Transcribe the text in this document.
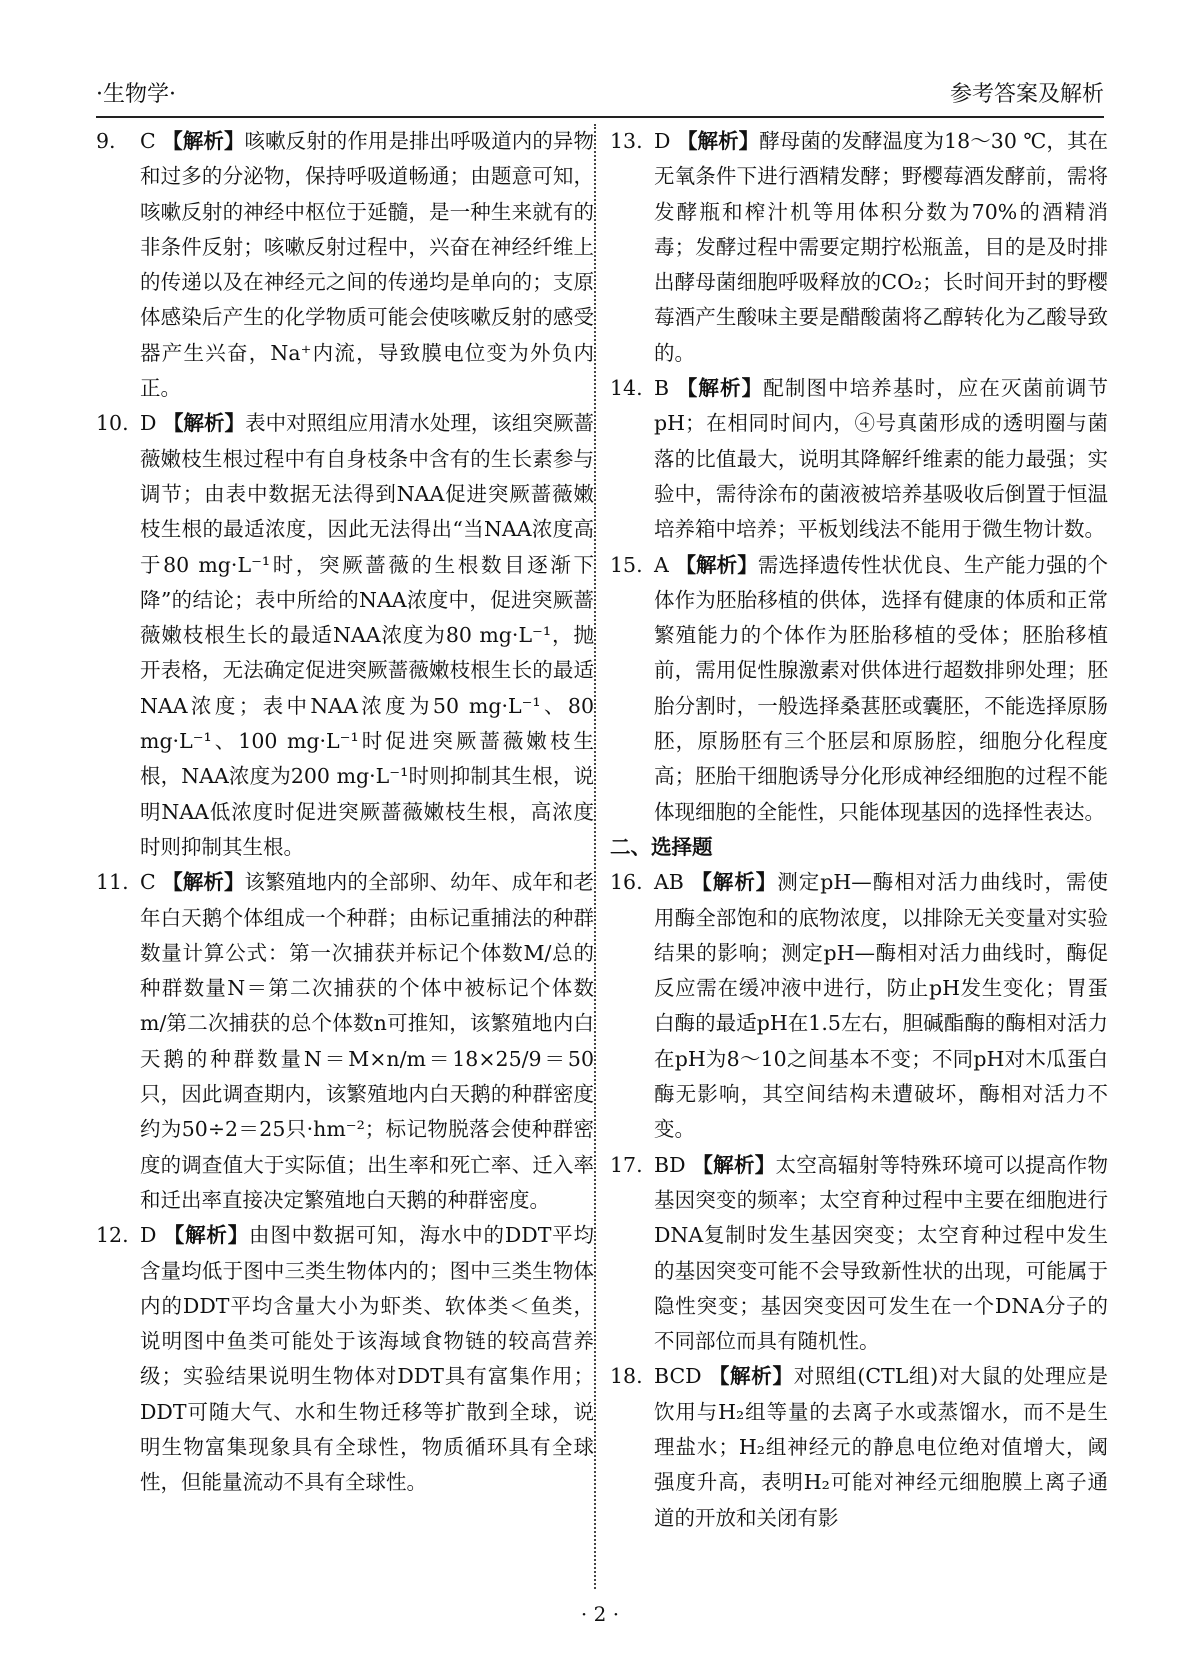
·生物学·	参考答案及解析
9.	C 【解析】咳嗽反射的作用是排出呼吸道内的异物和过多的分泌物，保持呼吸道畅通；由题意可知，咳嗽反射的神经中枢位于延髓，是一种生来就有的非条件反射；咳嗽反射过程中，兴奋在神经纤维上的传递以及在神经元之间的传递均是单向的；支原体感染后产生的化学物质可能会使咳嗽反射的感受器产生兴奋，Na⁺内流，导致膜电位变为外负内正。
10. D 【解析】表中对照组应用清水处理，该组突厥蔷薇嫩枝生根过程中有自身枝条中含有的生长素参与调节；由表中数据无法得到NAA促进突厥蔷薇嫩枝生根的最适浓度，因此无法得出“当NAA浓度高于80 mg·L⁻¹时，突厥蔷薇的生根数目逐渐下降”的结论；表中所给的NAA浓度中，促进突厥蔷薇嫩枝根生长的最适NAA浓度为80 mg·L⁻¹，抛开表格，无法确定促进突厥蔷薇嫩枝根生长的最适NAA浓度；表中NAA浓度为50 mg·L⁻¹、80 mg·L⁻¹、100 mg·L⁻¹时促进突厥蔷薇嫩枝生根，NAA浓度为200 mg·L⁻¹时则抑制其生根，说明NAA低浓度时促进突厥蔷薇嫩枝生根，高浓度时则抑制其生根。
11. C 【解析】该繁殖地内的全部卵、幼年、成年和老年白天鹅个体组成一个种群；由标记重捕法的种群数量计算公式：第一次捕获并标记个体数M/总的种群数量N＝第二次捕获的个体中被标记个体数m/第二次捕获的总个体数n可推知，该繁殖地内白天鹅的种群数量N＝M×n/m＝18×25/9＝50只，因此调查期内，该繁殖地内白天鹅的种群密度约为50÷2＝25只·hm⁻²；标记物脱落会使种群密度的调查值大于实际值；出生率和死亡率、迁入率和迁出率直接决定繁殖地白天鹅的种群密度。
12. D 【解析】由图中数据可知，海水中的DDT平均含量均低于图中三类生物体内的；图中三类生物体内的DDT平均含量大小为虾类、软体类＜鱼类，说明图中鱼类可能处于该海域食物链的较高营养级；实验结果说明生物体对DDT具有富集作用；DDT可随大气、水和生物迁移等扩散到全球，说明生物富集现象具有全球性，物质循环具有全球性，但能量流动不具有全球性。
13. D 【解析】酵母菌的发酵温度为18～30 ℃，其在无氧条件下进行酒精发酵；野樱莓酒发酵前，需将发酵瓶和榨汁机等用体积分数为70%的酒精消毒；发酵过程中需要定期拧松瓶盖，目的是及时排出酵母菌细胞呼吸释放的CO₂；长时间开封的野樱莓酒产生酸味主要是醋酸菌将乙醇转化为乙酸导致的。
14. B 【解析】配制图中培养基时，应在灭菌前调节pH；在相同时间内，④号真菌形成的透明圈与菌落的比值最大，说明其降解纤维素的能力最强；实验中，需待涂布的菌液被培养基吸收后倒置于恒温培养箱中培养；平板划线法不能用于微生物计数。
15. A 【解析】需选择遗传性状优良、生产能力强的个体作为胚胎移植的供体，选择有健康的体质和正常繁殖能力的个体作为胚胎移植的受体；胚胎移植前，需用促性腺激素对供体进行超数排卵处理；胚胎分割时，一般选择桑葚胚或囊胚，不能选择原肠胚，原肠胚有三个胚层和原肠腔，细胞分化程度高；胚胎干细胞诱导分化形成神经细胞的过程不能体现细胞的全能性，只能体现基因的选择性表达。
二、选择题
16. AB 【解析】测定pH—酶相对活力曲线时，需使用酶全部饱和的底物浓度，以排除无关变量对实验结果的影响；测定pH—酶相对活力曲线时，酶促反应需在缓冲液中进行，防止pH发生变化；胃蛋白酶的最适pH在1.5左右，胆碱酯酶的酶相对活力在pH为8～10之间基本不变；不同pH对木瓜蛋白酶无影响，其空间结构未遭破坏，酶相对活力不变。
17. BD 【解析】太空高辐射等特殊环境可以提高作物基因突变的频率；太空育种过程中主要在细胞进行DNA复制时发生基因突变；太空育种过程中发生的基因突变可能不会导致新性状的出现，可能属于隐性突变；基因突变因可发生在一个DNA分子的不同部位而具有随机性。
18. BCD 【解析】对照组(CTL组)对大鼠的处理应是饮用与H₂组等量的去离子水或蒸馏水，而不是生理盐水；H₂组神经元的静息电位绝对值增大，阈强度升高，表明H₂可能对神经元细胞膜上离子通道的开放和关闭有影
· 2 ·
